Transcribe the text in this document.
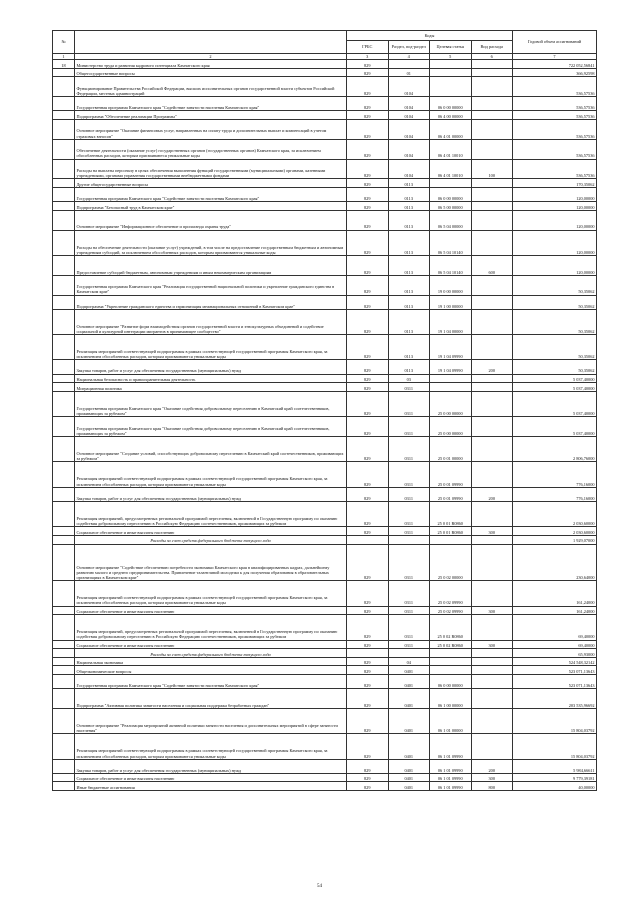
№		Коды				Годовой объем ассигнований
		ГРБС	Раздел, под-раздел	Целевая статья	Вид расхода	
1	2	3	4	5	6	7
18	Министерство труда и развития кадрового потенциала Камчатского края	829				722 052,56841
	Общегосударственные вопросы	829	01			366,92598
	Функционирование Правительства Российской Федерации, высших исполнительных органов государственной власти субъектов Российской Федерации, местных администраций	829	0104			536,57536
	Государственная программа Камчатского края "Содействие занятости населения Камчатского края"	829	0104	06 0 00 00000		536,57536
	Подпрограмма "Обеспечение реализации Программы"	829	0104	06 4 00 00000		536,57536
	Основное мероприятие "Оказание финансовых услуг, направленных на оплату труда и дополнительных выплат и компенсаций в учетом страховых взносов"	829	0104	06 4 01 00000		536,57536
	Обеспечение деятельности (оказание услуг) государственных органов (государственных органов) Камчатского края, за исключением обособленных расходов, которым присваиваются уникальные коды	829	0104	06 4 01 10010		536,57536
	Расходы на выплаты персоналу в целях обеспечения выполнения функций государственными (муниципальными) органами, казенными учреждениями, органами управления государственными внебюджетными фондами	829	0104	06 4 01 10010	100	536,57536
	Другие общегосударственные вопросы	829	0113			170,35062
	Государственная программа Камчатского края "Содействие занятости населения Камчатского края"	829	0113	06 0 00 00000		120,00000
	Подпрограмма "Безопасный труд в Камчатском крае"	829	0113	06 5 00 00000		120,00000
	Основное мероприятие "Информационное обеспечение и пропаганда охраны труда"	829	0113	06 5 04 00000		120,00000
	Расходы на обеспечение деятельности (оказание услуг) учреждений, в том числе на предоставление государственным бюджетным и автономным учреждениям субсидий, за исключением обособленных расходов, которым присваиваются уникальные коды	829	0113	06 5 04 10140		120,00000
	Предоставление субсидий бюджетным, автономным учреждениям и иным некоммерческим организациям	829	0113	06 5 04 10140	600	120,00000
	Государственная программа Камчатского края "Реализация государственной национальной политики и укрепление гражданского единства в Камчатском крае"	829	0113	19 0 00 00000		50,35062
	Подпрограмма "Укрепление гражданского единства и гармонизация межнациональных отношений в Камчатском крае"	829	0113	19 1 00 00000		50,35062
	Основное мероприятие "Развитие форм взаимодействия органов государственной власти и этнокультурных объединений и содействие социальной и культурной интеграции мигрантов в принимающее сообщество"	829	0113	19 1 04 00000		50,35062
	Реализация мероприятий соответствующей подпрограммы в рамках соответствующей государственной программы Камчатского края, за исключением обособленных расходов, которым присваиваются уникальные коды	829	0113	19 1 04 09990		50,35062
	Закупка товаров, работ и услуг для обеспечения государственных (муниципальных) нужд	829	0113	19 1 04 09990	200	50,35062
	Национальная безопасность и правоохранительная деятельность	829	03			5 037,40000
	Миграционная политика	829	0311			5 037,40000
	Государственная программа Камчатского края "Оказание содействия добровольному переселению в Камчатский край соотечественников, проживающих за рубежом"	829	0311	25 0 00 00000		5 037,40000
	Государственная программа Камчатского края "Оказание содействия добровольному переселению в Камчатский край соотечественников, проживающих за рубежом"	829	0311	25 0 00 00000		5 037,40000
	Основное мероприятие "Создание условий, способствующих добровольному переселению в Камчатский край соотечественников, проживающих за рубежом"	829	0311	25 0 01 00000		2 806,76000
	Реализация мероприятий соответствующей подпрограммы в рамках соответствующей государственной программы Камчатского края, за исключением обособленных расходов, которым присваиваются уникальные коды	829	0311	25 0 01 09990		776,16000
	Закупка товаров, работ и услуг для обеспечения государственных (муниципальных) нужд	829	0311	25 0 01 09990	200	776,16000
	Реализация мероприятий, предусмотренных региональной программой переселения, включенной в Государственную программу по оказанию содействия добровольному переселению в Российскую Федерацию соотечественников, проживающих за рубежом	829	0311	25 0 01 R0860		2 030,60000
	Социальное обеспечение и иные выплаты населению	829	0311	25 0 01 R0860	300	2 030,60000
	Расходы за счет средств федерального бюджета текущего года					1 929,07000
	Основное мероприятие "Содействие обеспечению потребности экономики Камчатского края в квалифицированных кадрах, дальнейшему развитию малого и среднего предпринимательства. Привлечение талантливой молодежи к для получения образования в образовательных организациях в Камчатском крае"	829	0311	25 0 02 00000		230,64000
	Реализация мероприятий соответствующей подпрограммы в рамках соответствующей государственной программы Камчатского края, за исключением обособленных расходов, которым присваиваются уникальные коды	829	0311	25 0 02 09990		161,24000
	Социальное обеспечение и иные выплаты населению	829	0311	25 0 02 09990	300	161,24000
	Реализация мероприятий, предусмотренных региональной программой переселения, включенной в Государственную программу по оказанию содействия добровольному переселению в Российскую Федерацию соотечественников, проживающих за рубежом	829	0311	25 0 02 R0860		69,40000
	Социальное обеспечение и иные выплаты населению	829	0311	25 0 02 R0860	300	69,40000
	Расходы за счет средств федерального бюджета текущего года					65,93000
	Национальная экономика	829	04			524 548,32142
	Общеэкономические вопросы	829	0401			523 071,13643
	Государственная программа Камчатского края "Содействие занятости населения Камчатского края"	829	0401	06 0 00 00000		523 071,13643
	Подпрограмма "Активная политика занятости населения и социальная поддержка безработных граждан"	829	0401	06 1 00 00000		203 535,96692
	Основное мероприятие "Реализация мероприятий активной политики занятости населения и дополнительных мероприятий в сфере занятости населения"	829	0401	06 1 01 00000		15 804,03792
	Реализация мероприятий соответствующей подпрограммы в рамках соответствующей государственной программы Камчатского края, за исключением обособленных расходов, которым присваиваются уникальные коды	829	0401	06 1 01 09990		15 804,03792
	Закупка товаров, работ и услуг для обеспечения государственных (муниципальных) нужд	829	0401	06 1 01 09990	200	5 984,66611
	Социальное обеспечение и иные выплаты населению	829	0401	06 1 01 09990	300	9 779,39181
	Иные бюджетные ассигнования	829	0401	06 1 01 09990	800	40,00000
54
